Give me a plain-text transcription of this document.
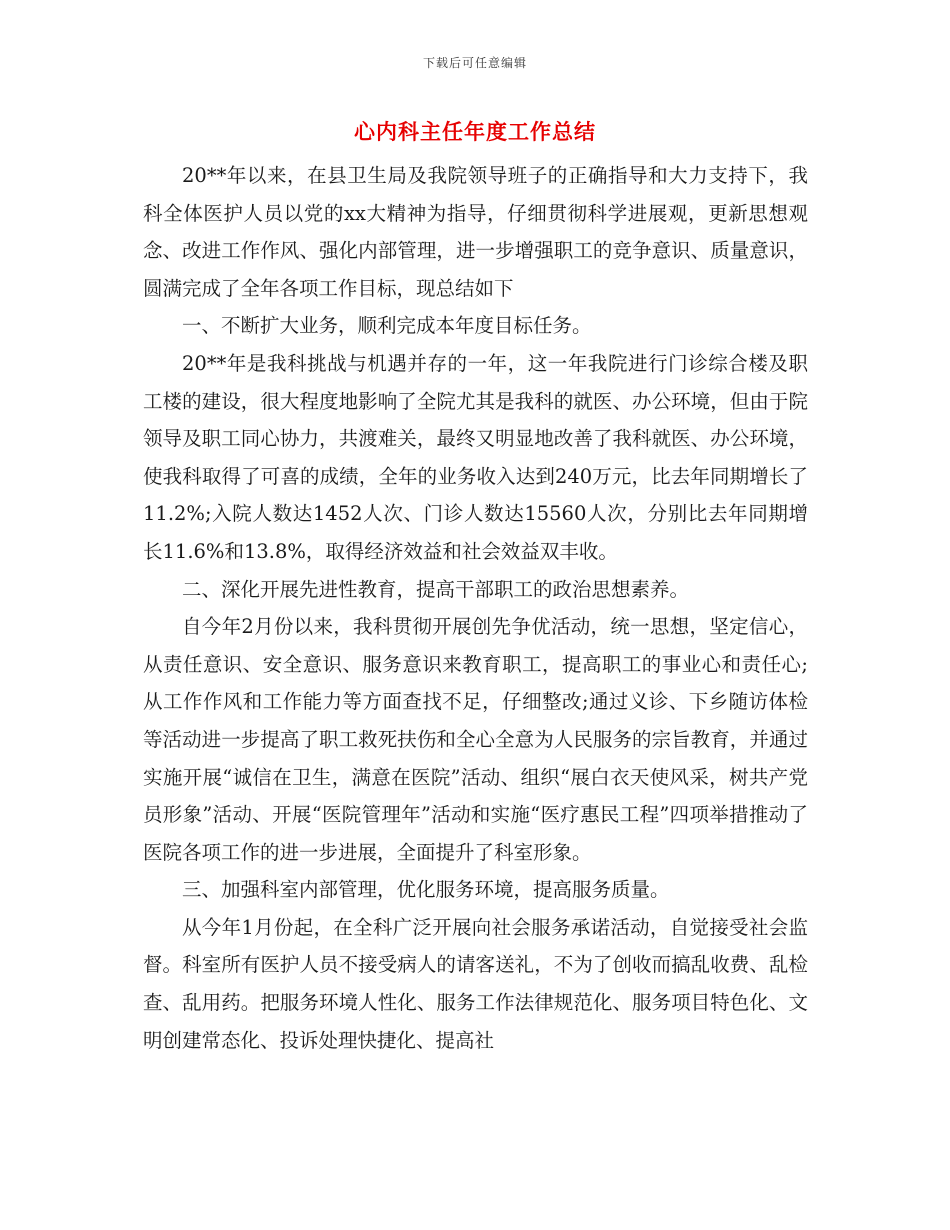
下载后可任意编辑
心内科主任年度工作总结

20**年以来，在县卫生局及我院领导班子的正确指导和大力支持下，我科全体医护人员以党的xx大精神为指导，仔细贯彻科学进展观，更新思想观念、改进工作作风、强化内部管理，进一步增强职工的竞争意识、质量意识，圆满完成了全年各项工作目标，现总结如下

一、不断扩大业务，顺利完成本年度目标任务。

20**年是我科挑战与机遇并存的一年，这一年我院进行门诊综合楼及职工楼的建设，很大程度地影响了全院尤其是我科的就医、办公环境，但由于院领导及职工同心协力，共渡难关，最终又明显地改善了我科就医、办公环境，使我科取得了可喜的成绩，全年的业务收入达到240万元，比去年同期增长了11.2%;入院人数达1452人次、门诊人数达15560人次，分别比去年同期增长11.6%和13.8%，取得经济效益和社会效益双丰收。

二、深化开展先进性教育，提高干部职工的政治思想素养。

自今年2月份以来，我科贯彻开展创先争优活动，统一思想，坚定信心，从责任意识、安全意识、服务意识来教育职工，提高职工的事业心和责任心;从工作作风和工作能力等方面查找不足，仔细整改;通过义诊、下乡随访体检等活动进一步提高了职工救死扶伤和全心全意为人民服务的宗旨教育，并通过实施开展“诚信在卫生，满意在医院”活动、组织“展白衣天使风采，树共产党员形象”活动、开展“医院管理年”活动和实施“医疗惠民工程”四项举措推动了医院各项工作的进一步进展，全面提升了科室形象。

三、加强科室内部管理，优化服务环境，提高服务质量。

从今年1月份起，在全科广泛开展向社会服务承诺活动，自觉接受社会监督。科室所有医护人员不接受病人的请客送礼，不为了创收而搞乱收费、乱检查、乱用药。把服务环境人性化、服务工作法律规范化、服务项目特色化、文明创建常态化、投诉处理快捷化、提高社
